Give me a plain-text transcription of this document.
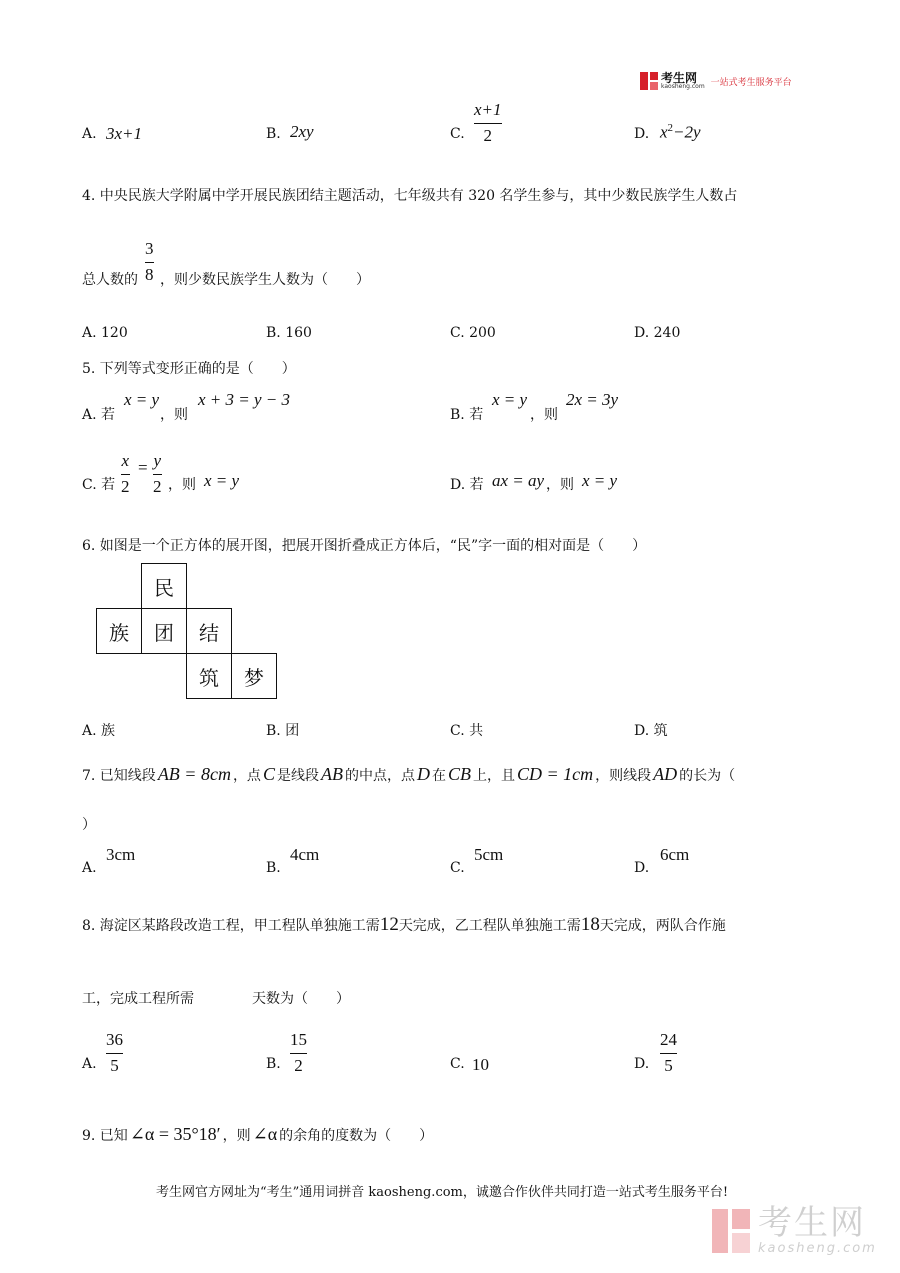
考生网
kaosheng.com 一站式考生服务平台
A. 3x+1	B. 2xy	C.
x+1
2	D. $x^2-2y$
4. 中央民族大学附属中学开展民族团结主题活动，七年级共有 320 名学生参与，其中少数民族学生人数占
总人数的
3
8 ，则少数民族学生人数为（　　）
A. 120	B. 160	C. 200	D. 240
5. 下列等式变形正确的是（　　）
A. 若
x = y
，则
x + 3 = y − 3
B. 若
x = y
，则
2x = 3y
C. 若
x
2
= y
2 ，则 x = y	D. 若 ax = ay ，则 x = y
6. 如图是一个正方体的展开图，把展开图折叠成正方体后，“民”字一面的相对面是（　　）
民
族	团	结
筑	梦
A. 族	B. 团	C. 共	D. 筑
7. 已知线段 AB = 8cm ，点 C 是线段 AB 的中点，点 D 在 CB 上，且 CD = 1cm ，则线段 AD 的长为（
）
A.
3cm
B.
4cm
C.
5cm
D.
6cm
8. 海淀区某路段改造工程，甲工程队单独施工需 12 天完成，乙工程队单独施工需 18 天完成，两队合作施
工，完成工程所需	天数为（　　）
A.
36
5	B.
15
2	C. 10	D.
24
5
9. 已知 ∠α = 35°18′ ，则 ∠α 的余角的度数为（　　）
考生网官方网址为“考生”通用词拼音 kaosheng.com，诚邀合作伙伴共同打造一站式考生服务平台!
考生网
kaosheng.com
